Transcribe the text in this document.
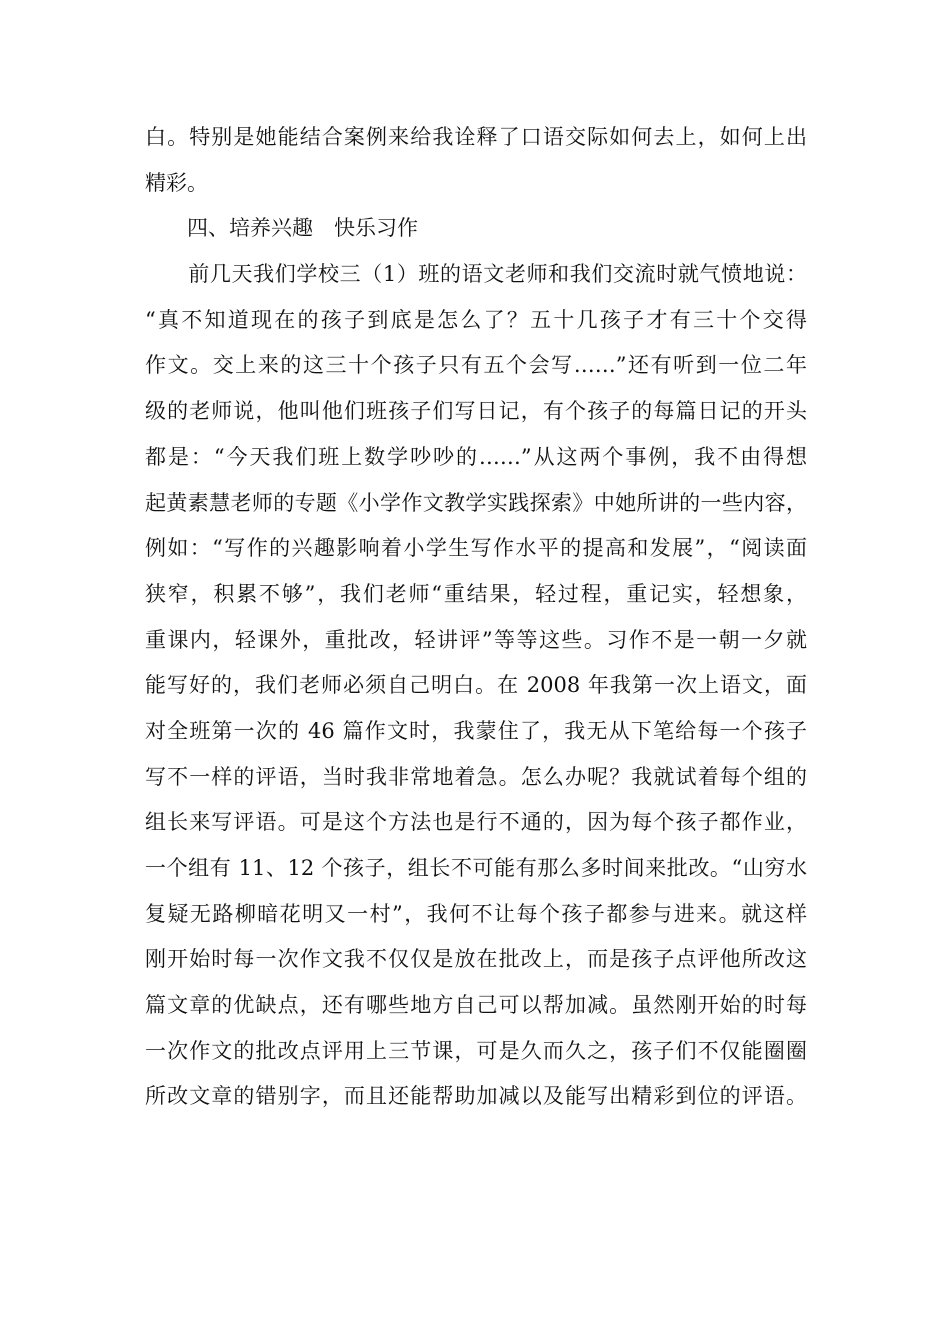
白。特别是她能结合案例来给我诠释了口语交际如何去上，如何上出
精彩。
　　四、培养兴趣　快乐习作
　　前几天我们学校三（1）班的语文老师和我们交流时就气愤地说：
“真不知道现在的孩子到底是怎么了？五十几孩子才有三十个交得
作文。交上来的这三十个孩子只有五个会写……”还有听到一位二年
级的老师说，他叫他们班孩子们写日记，有个孩子的每篇日记的开头
都是：“今天我们班上数学吵吵的……”从这两个事例，我不由得想
起黄素慧老师的专题《小学作文教学实践探索》中她所讲的一些内容，
例如：“写作的兴趣影响着小学生写作水平的提高和发展”，“阅读面
狭窄，积累不够”，我们老师“重结果，轻过程，重记实，轻想象，
重课内，轻课外，重批改，轻讲评”等等这些。习作不是一朝一夕就
能写好的，我们老师必须自己明白。在 2008 年我第一次上语文，面
对全班第一次的 46 篇作文时，我蒙住了，我无从下笔给每一个孩子
写不一样的评语，当时我非常地着急。怎么办呢？我就试着每个组的
组长来写评语。可是这个方法也是行不通的，因为每个孩子都作业，
一个组有 11、12 个孩子，组长不可能有那么多时间来批改。“山穷水
复疑无路柳暗花明又一村”，我何不让每个孩子都参与进来。就这样
刚开始时每一次作文我不仅仅是放在批改上，而是孩子点评他所改这
篇文章的优缺点，还有哪些地方自己可以帮加减。虽然刚开始的时每
一次作文的批改点评用上三节课，可是久而久之，孩子们不仅能圈圈
所改文章的错别字，而且还能帮助加减以及能写出精彩到位的评语。
